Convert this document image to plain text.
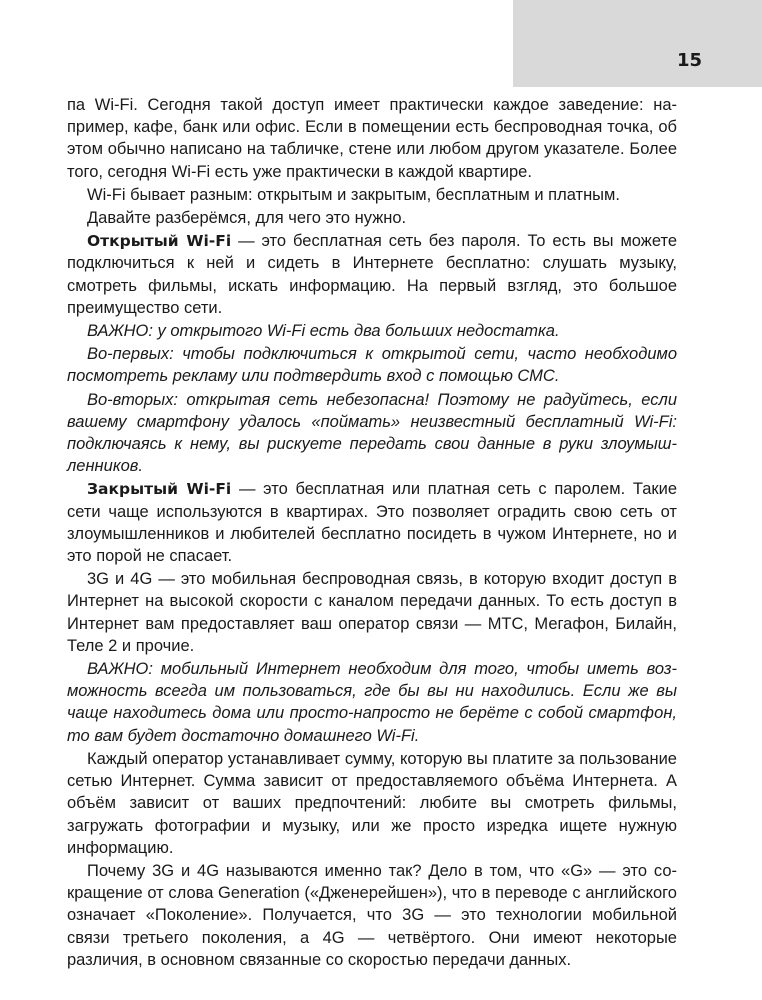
15

па Wi-Fi. Сегодня такой доступ имеет практически каждое заведение: например, кафе, банк или офис. Если в помещении есть беспроводная точка, об этом обычно написано на табличке, стене или любом другом указателе. Более того, сегодня Wi-Fi есть уже практически в каждой квартире.

Wi-Fi бывает разным: открытым и закрытым, бесплатным и платным.

Давайте разберёмся, для чего это нужно.

Открытый Wi-Fi — это бесплатная сеть без пароля. То есть вы можете подключиться к ней и сидеть в Интернете бесплатно: слушать музыку, смотреть фильмы, искать информацию. На первый взгляд, это большое преимущество сети.

ВАЖНО: у открытого Wi-Fi есть два больших недостатка.

Во-первых: чтобы подключиться к открытой сети, часто необходимо посмотреть рекламу или подтвердить вход с помощью СМС.

Во-вторых: открытая сеть небезопасна! Поэтому не радуйтесь, если вашему смартфону удалось «поймать» неизвестный бесплатный Wi-Fi: подключаясь к нему, вы рискуете передать свои данные в руки злоумышленников.

Закрытый Wi-Fi — это бесплатная или платная сеть с паролем. Такие сети чаще используются в квартирах. Это позволяет оградить свою сеть от злоумышленников и любителей бесплатно посидеть в чужом Интернете, но и это порой не спасает.

3G и 4G — это мобильная беспроводная связь, в которую входит доступ в Интернет на высокой скорости с каналом передачи данных. То есть доступ в Интернет вам предоставляет ваш оператор связи — МТС, Мегафон, Билайн, Теле 2 и прочие.

ВАЖНО: мобильный Интернет необходим для того, чтобы иметь возможность всегда им пользоваться, где бы вы ни находились. Если же вы чаще находитесь дома или просто-напросто не берёте с собой смартфон, то вам будет достаточно домашнего Wi-Fi.

Каждый оператор устанавливает сумму, которую вы платите за пользование сетью Интернет. Сумма зависит от предоставляемого объёма Интернета. А объём зависит от ваших предпочтений: любите вы смотреть фильмы, загружать фотографии и музыку, или же просто изредка ищете нужную информацию.

Почему 3G и 4G называются именно так? Дело в том, что «G» — это сокращение от слова Generation («Дженерейшен»), что в переводе с английского означает «Поколение». Получается, что 3G — это технологии мобильной связи третьего поколения, а 4G — четвёртого. Они имеют некоторые различия, в основном связанные со скоростью передачи данных.
